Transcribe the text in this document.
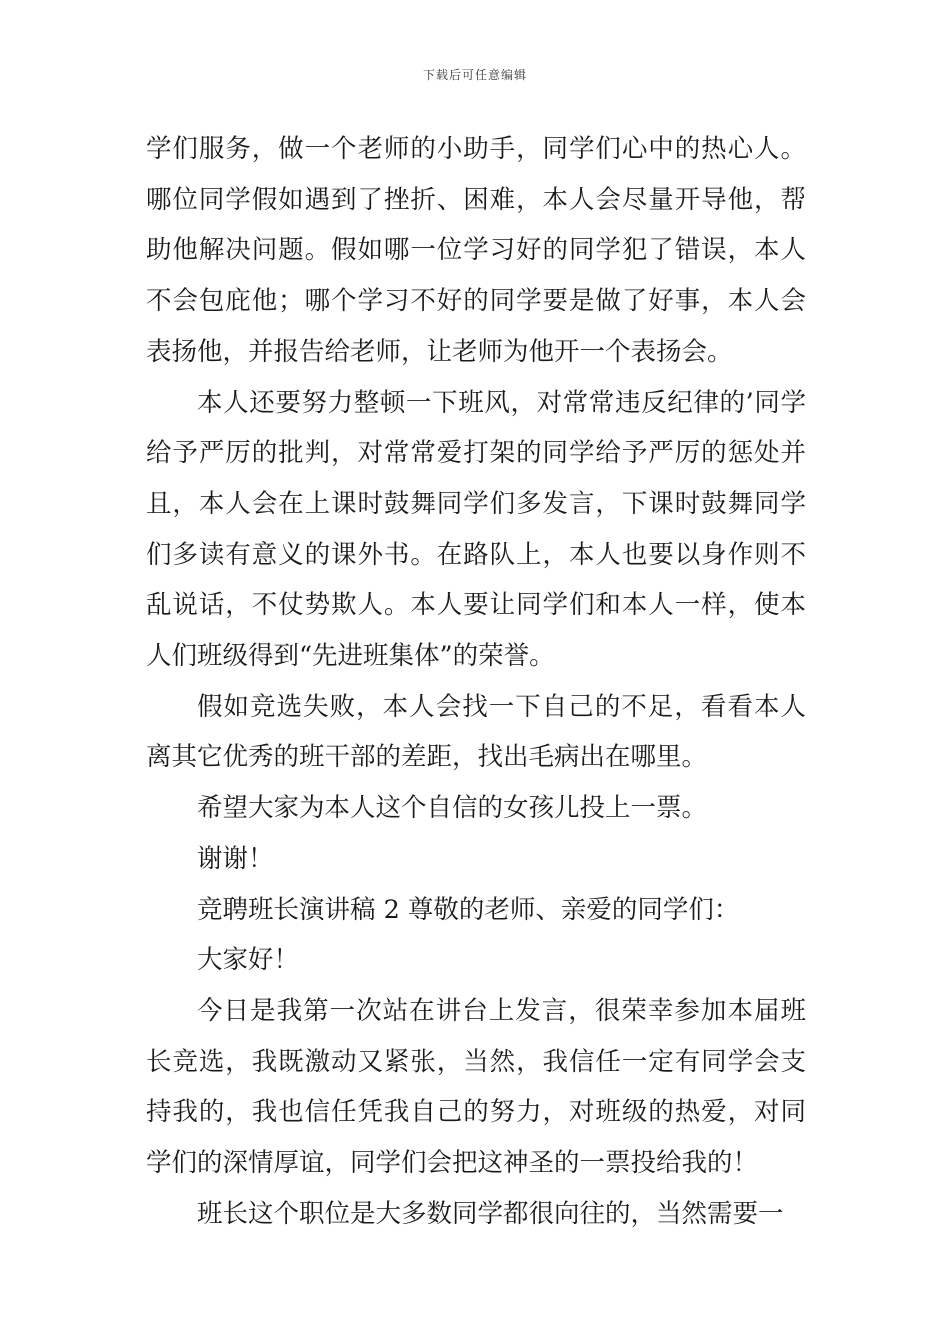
下载后可任意编辑

学们服务，做一个老师的小助手，同学们心中的热心人。哪位同学假如遇到了挫折、困难，本人会尽量开导他，帮助他解决问题。假如哪一位学习好的同学犯了错误，本人不会包庇他；哪个学习不好的同学要是做了好事，本人会表扬他，并报告给老师，让老师为他开一个表扬会。

本人还要努力整顿一下班风，对常常违反纪律的’同学给予严厉的批判，对常常爱打架的同学给予严厉的惩处并且，本人会在上课时鼓舞同学们多发言，下课时鼓舞同学们多读有意义的课外书。在路队上，本人也要以身作则不乱说话，不仗势欺人。本人要让同学们和本人一样，使本人们班级得到“先进班集体”的荣誉。

假如竞选失败，本人会找一下自己的不足，看看本人离其它优秀的班干部的差距，找出毛病出在哪里。

希望大家为本人这个自信的女孩儿投上一票。

谢谢！

竞聘班长演讲稿 2 尊敬的老师、亲爱的同学们：

大家好！

今日是我第一次站在讲台上发言，很荣幸参加本届班长竞选，我既激动又紧张，当然，我信任一定有同学会支持我的，我也信任凭我自己的努力，对班级的热爱，对同学们的深情厚谊，同学们会把这神圣的一票投给我的！

班长这个职位是大多数同学都很向往的，当然需要一
